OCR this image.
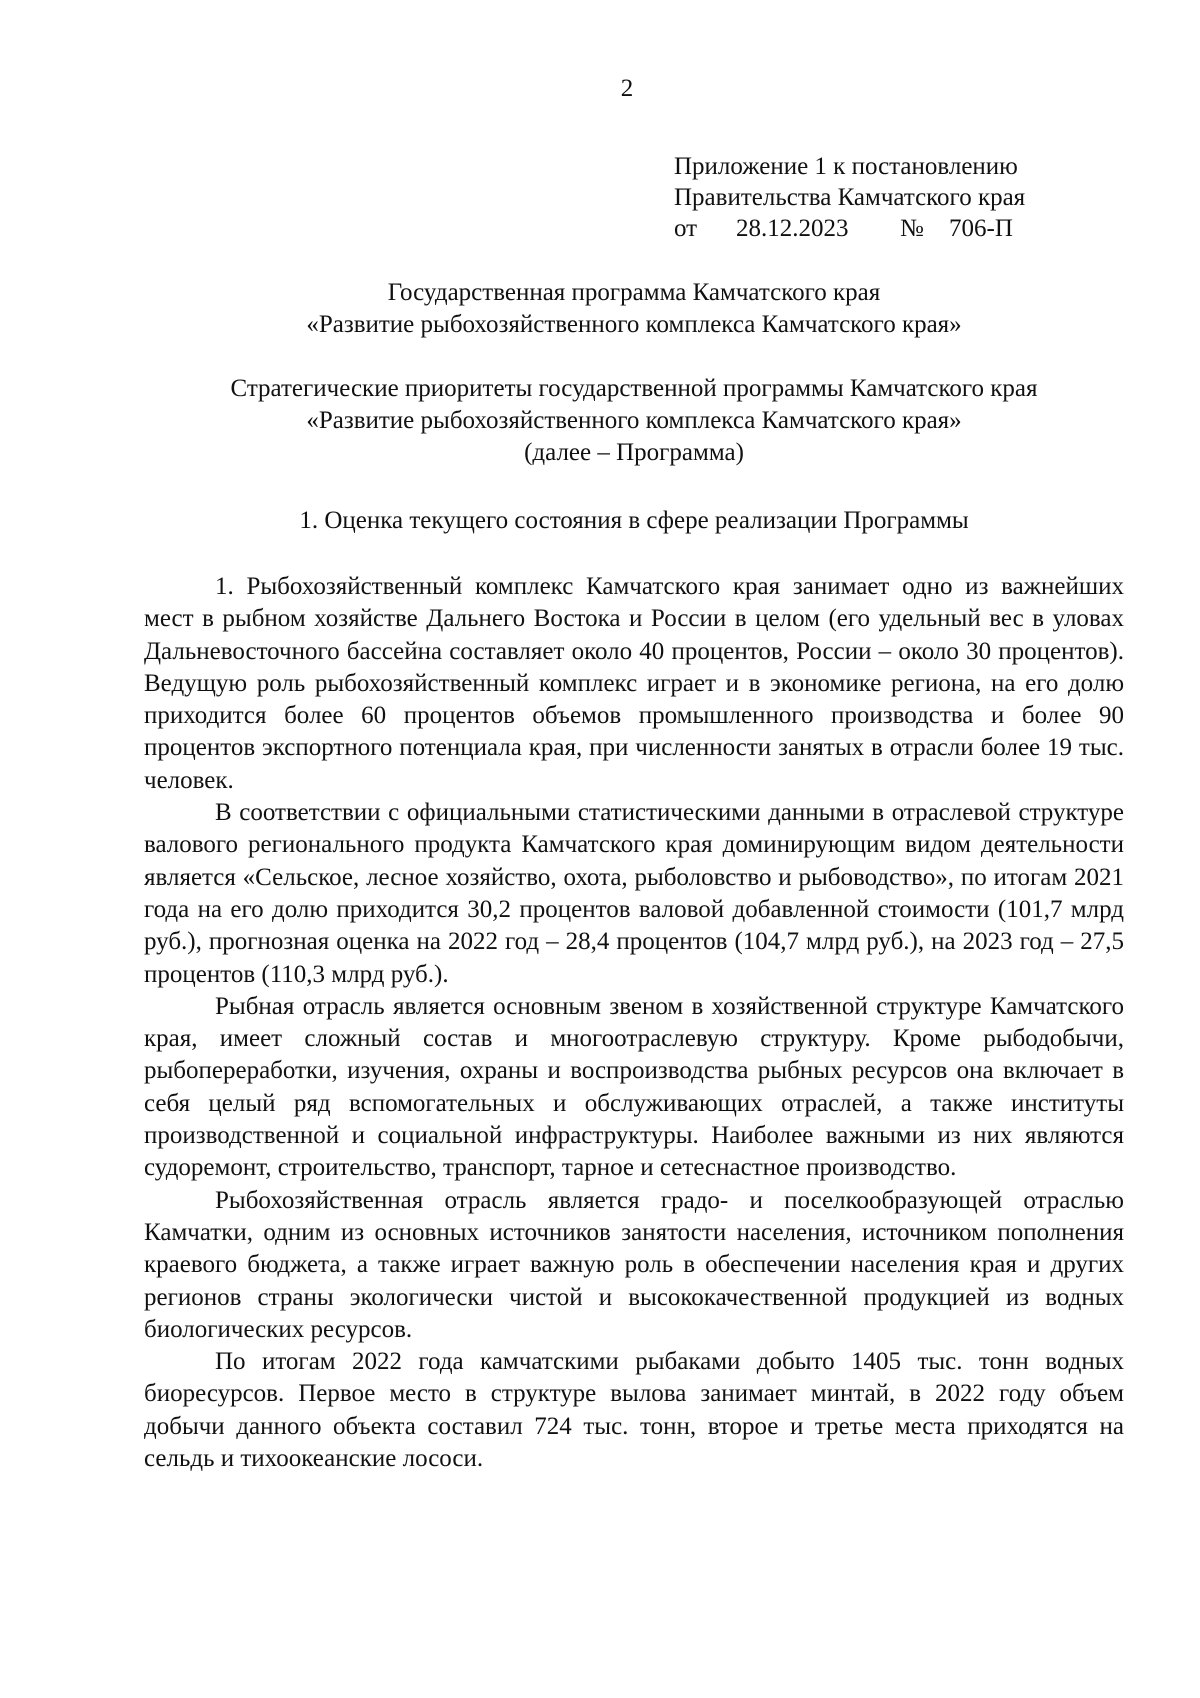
2
Приложение 1 к постановлению
Правительства Камчатского края
от 28.12.2023 № 706-П
Государственная программа Камчатского края
«Развитие рыбохозяйственного комплекса Камчатского края»
Стратегические приоритеты государственной программы Камчатского края
«Развитие рыбохозяйственного комплекса Камчатского края»
(далее – Программа)
1. Оценка текущего состояния в сфере реализации Программы

1. Рыбохозяйственный комплекс Камчатского края занимает одно из важнейших мест в рыбном хозяйстве Дальнего Востока и России в целом (его удельный вес в уловах Дальневосточного бассейна составляет около 40 процентов, России – около 30 процентов). Ведущую роль рыбохозяйственный комплекс играет и в экономике региона, на его долю приходится более 60 процентов объемов промышленного производства и более 90 процентов экспортного потенциала края, при численности занятых в отрасли более 19 тыс. человек.

В соответствии с официальными статистическими данными в отраслевой структуре валового регионального продукта Камчатского края доминирующим видом деятельности является «Сельское, лесное хозяйство, охота, рыболовство и рыбоводство», по итогам 2021 года на его долю приходится 30,2 процентов валовой добавленной стоимости (101,7 млрд руб.), прогнозная оценка на 2022 год – 28,4 процентов (104,7 млрд руб.), на 2023 год – 27,5 процентов (110,3 млрд руб.).

Рыбная отрасль является основным звеном в хозяйственной структуре Камчатского края, имеет сложный состав и многоотраслевую структуру. Кроме рыбодобычи, рыбопереработки, изучения, охраны и воспроизводства рыбных ресурсов она включает в себя целый ряд вспомогательных и обслуживающих отраслей, а также институты производственной и социальной инфраструктуры. Наиболее важными из них являются судоремонт, строительство, транспорт, тарное и сетеснастное производство.

Рыбохозяйственная отрасль является градо- и поселкообразующей отраслью Камчатки, одним из основных источников занятости населения, источником пополнения краевого бюджета, а также играет важную роль в обеспечении населения края и других регионов страны экологически чистой и высококачественной продукцией из водных биологических ресурсов.

По итогам 2022 года камчатскими рыбаками добыто 1405 тыс. тонн водных биоресурсов. Первое место в структуре вылова занимает минтай, в 2022 году объем добычи данного объекта составил 724 тыс. тонн, второе и третье места приходятся на сельдь и тихоокеанские лососи.
